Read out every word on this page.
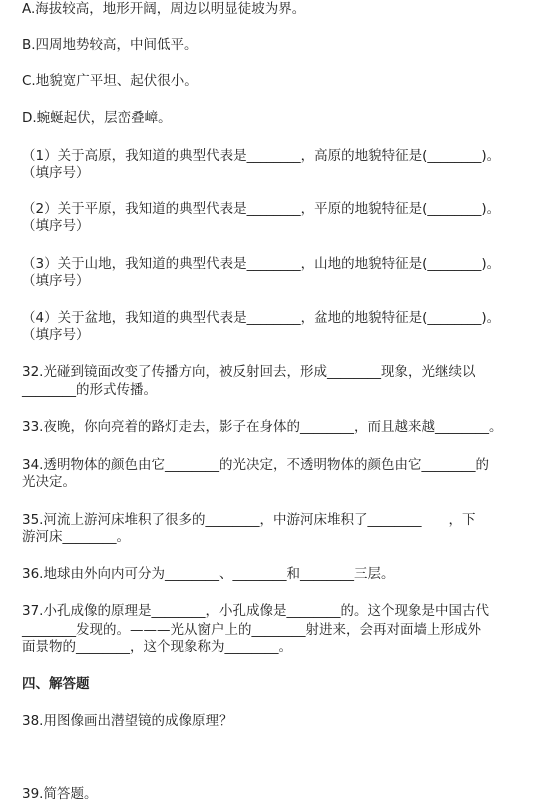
A.海拔较高，地形开阔，周边以明显徒坡为界。
B.四周地势较高，中间低平。
C.地貌宽广平坦、起伏很小。
D.蜿蜒起伏，层峦叠嶂。
（1）关于高原，我知道的典型代表是________，高原的地貌特征是(________)。
（填序号）
（2）关于平原，我知道的典型代表是________，平原的地貌特征是(________)。
（填序号）
（3）关于山地，我知道的典型代表是________，山地的地貌特征是(________)。
（填序号）
（4）关于盆地，我知道的典型代表是________，盆地的地貌特征是(________)。
（填序号）
32.光碰到镜面改变了传播方向，被反射回去，形成________现象，光继续以
________的形式传播。
33.夜晚，你向亮着的路灯走去，影子在身体的________，而且越来越________。
34.透明物体的颜色由它________的光决定，不透明物体的颜色由它________的
光决定。
35.河流上游河床堆积了很多的________，中游河床堆积了________　　，下
游河床________。
36.地球由外向内可分为________、________和________三层。
37.小孔成像的原理是________，小孔成像是________的。这个现象是中国古代
________发现的。———光从窗户上的________射进来，会再对面墙上形成外
面景物的________，这个现象称为________。
四、解答题
38.用图像画出潜望镜的成像原理？
39.简答题。
